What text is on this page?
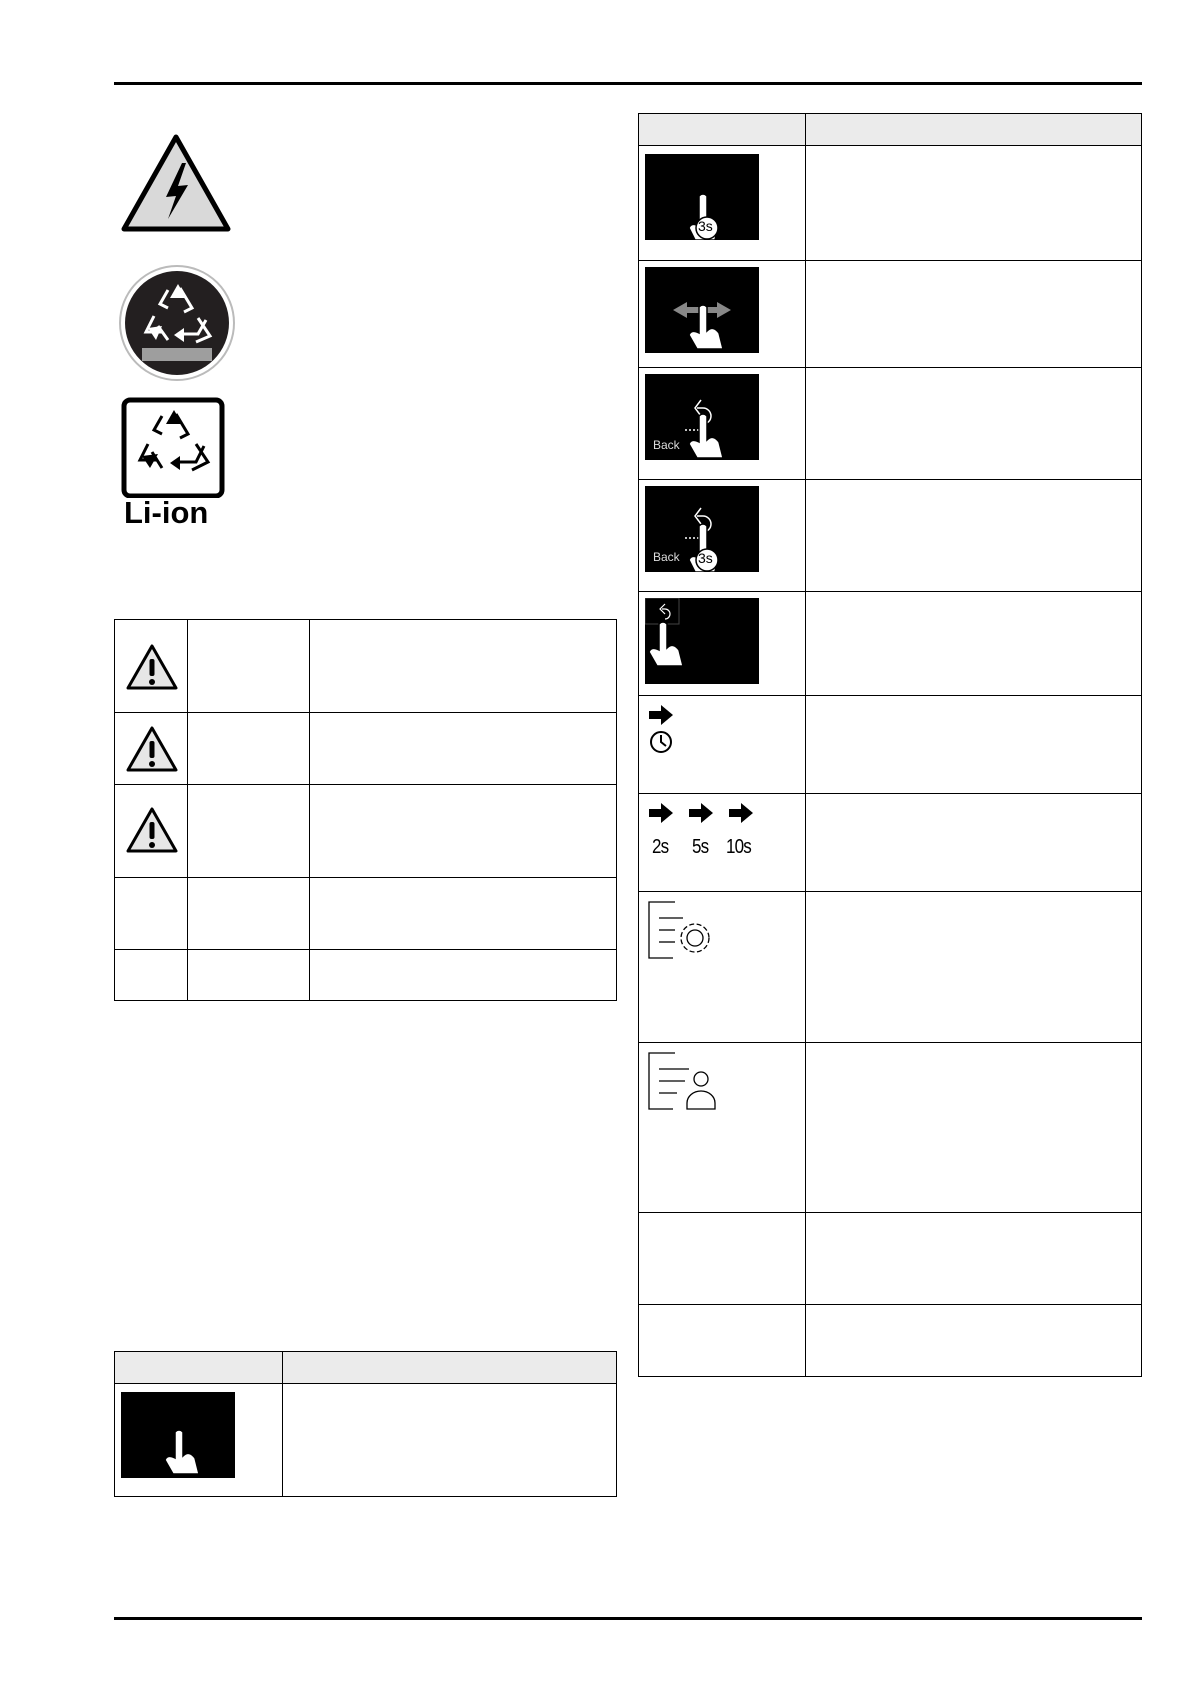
Li-ion

3s	

Back	

Back 3s	

2s 5s 10s	
